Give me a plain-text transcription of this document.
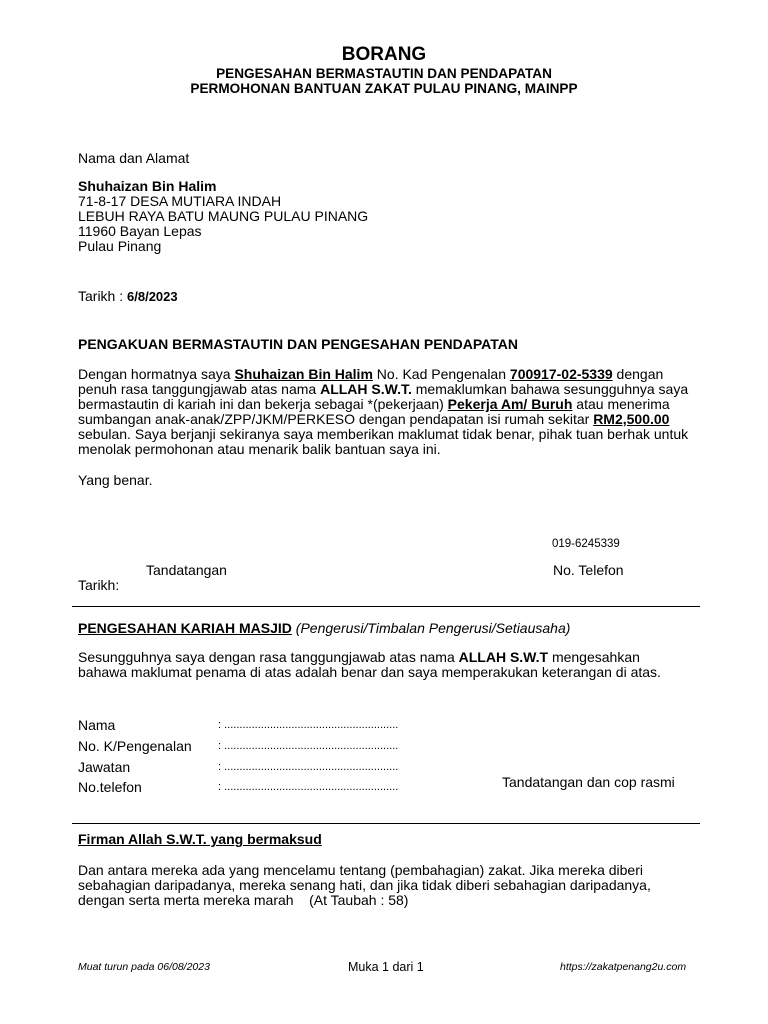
BORANG
PENGESAHAN BERMASTAUTIN DAN PENDAPATAN
PERMOHONAN BANTUAN ZAKAT PULAU PINANG, MAINPP
Nama dan Alamat
Shuhaizan Bin Halim
71-8-17 DESA MUTIARA INDAH
LEBUH RAYA BATU MAUNG PULAU PINANG
11960 Bayan Lepas
Pulau Pinang
Tarikh : 6/8/2023
PENGAKUAN BERMASTAUTIN DAN PENGESAHAN PENDAPATAN
Dengan hormatnya saya Shuhaizan Bin Halim No. Kad Pengenalan 700917-02-5339 dengan
penuh rasa tanggungjawab atas nama ALLAH S.W.T. memaklumkan bahawa sesungguhnya saya
bermastautin di kariah ini dan bekerja sebagai *(pekerjaan) Pekerja Am/ Buruh atau menerima
sumbangan anak-anak/ZPP/JKM/PERKESO dengan pendapatan isi rumah sekitar RM2,500.00
sebulan. Saya berjanji sekiranya saya memberikan maklumat tidak benar, pihak tuan berhak untuk
menolak permohonan atau menarik balik bantuan saya ini.
Yang benar.
019-6245339
Tandatangan	No. Telefon
Tarikh:
PENGESAHAN KARIAH MASJID (Pengerusi/Timbalan Pengerusi/Setiausaha)
Sesungguhnya saya dengan rasa tanggungjawab atas nama ALLAH S.W.T mengesahkan
bahawa maklumat penama di atas adalah benar dan saya memperakukan keterangan di atas.
Nama	: .........................................................
No. K/Pengenalan : .........................................................
Jawatan	: .........................................................
No.telefon	: .........................................................	Tandatangan dan cop rasmi
Firman Allah S.W.T. yang bermaksud
Dan antara mereka ada yang mencelamu tentang (pembahagian) zakat. Jika mereka diberi
sebahagian daripadanya, mereka senang hati, dan jika tidak diberi sebahagian daripadanya,
dengan serta merta mereka marah    (At Taubah : 58)
Muat turun pada 06/08/2023	Muka 1 dari 1	https://zakatpenang2u.com
